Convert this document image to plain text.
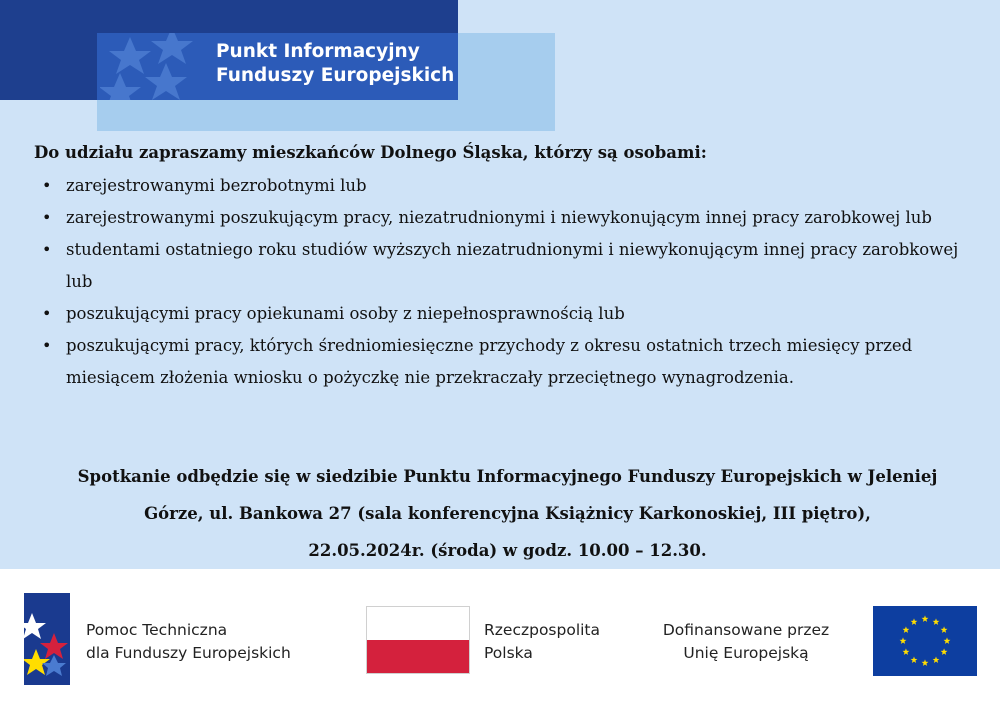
Punkt Informacyjny
Funduszy Europejskich

Do udziału zapraszamy mieszkańców Dolnego Śląska, którzy są osobami:

• zarejestrowanymi bezrobotnymi lub
• zarejestrowanymi poszukującym pracy, niezatrudnionymi i niewykonującym innej pracy zarobkowej lub
• studentami ostatniego roku studiów wyższych niezatrudnionymi i niewykonującym innej pracy zarobkowej lub
• poszukującymi pracy opiekunami osoby z niepełnosprawnością lub
• poszukującymi pracy, których średniomiesięczne przychody z okresu ostatnich trzech miesięcy przed miesiącem złożenia wniosku o pożyczkę nie przekraczały przeciętnego wynagrodzenia.
Spotkanie odbędzie się w siedzibie Punktu Informacyjnego Funduszy Europejskich w Jeleniej
Górze, ul. Bankowa 27 (sala konferencyjna Książnicy Karkonoskiej, III piętro),
22.05.2024r. (środa) w godz. 10.00 – 12.30.
Pomoc Techniczna
dla Funduszy Europejskich
Rzeczpospolita
Polska
Dofinansowane przez
Unię Europejską
